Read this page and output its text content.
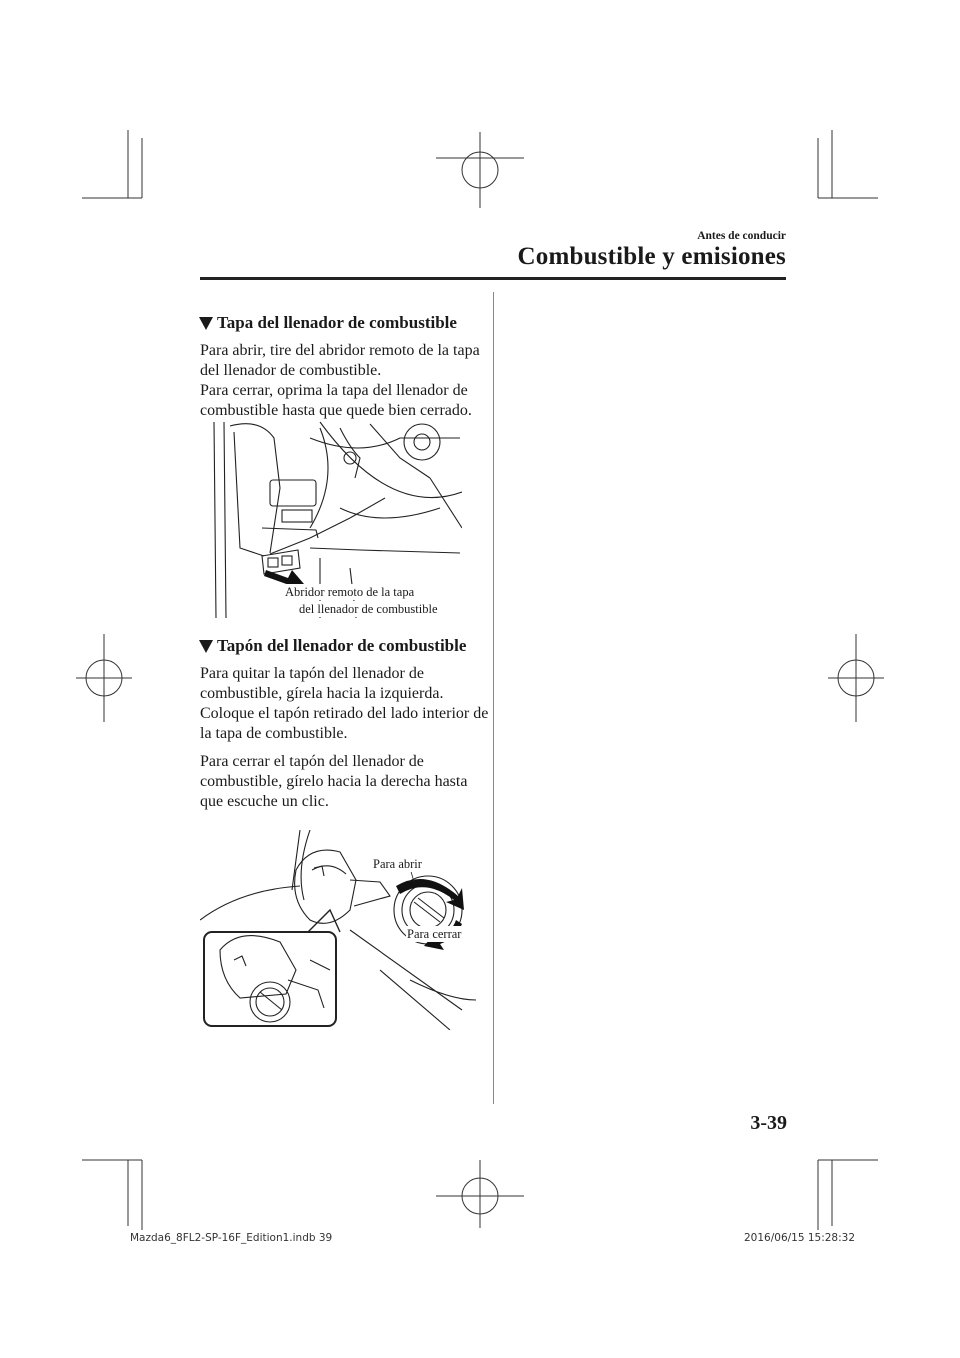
Antes de conducir
Combustible y emisiones
Tapa del llenador de combustible

Para abrir, tire del abridor remoto de la tapa del llenador de combustible.

Para cerrar, oprima la tapa del llenador de combustible hasta que quede bien cerrado.

Abridor remoto de la tapa
del llenador de combustible
Tapón del llenador de combustible

Para quitar la tapón del llenador de combustible, gírela hacia la izquierda. Coloque el tapón retirado del lado interior de la tapa de combustible.

Para cerrar el tapón del llenador de combustible, gírelo hacia la derecha hasta que escuche un clic.

Para abrir
Para cerrar
3-39
Mazda6_8FL2-SP-16F_Edition1.indb 39	2016/06/15 15:28:32
